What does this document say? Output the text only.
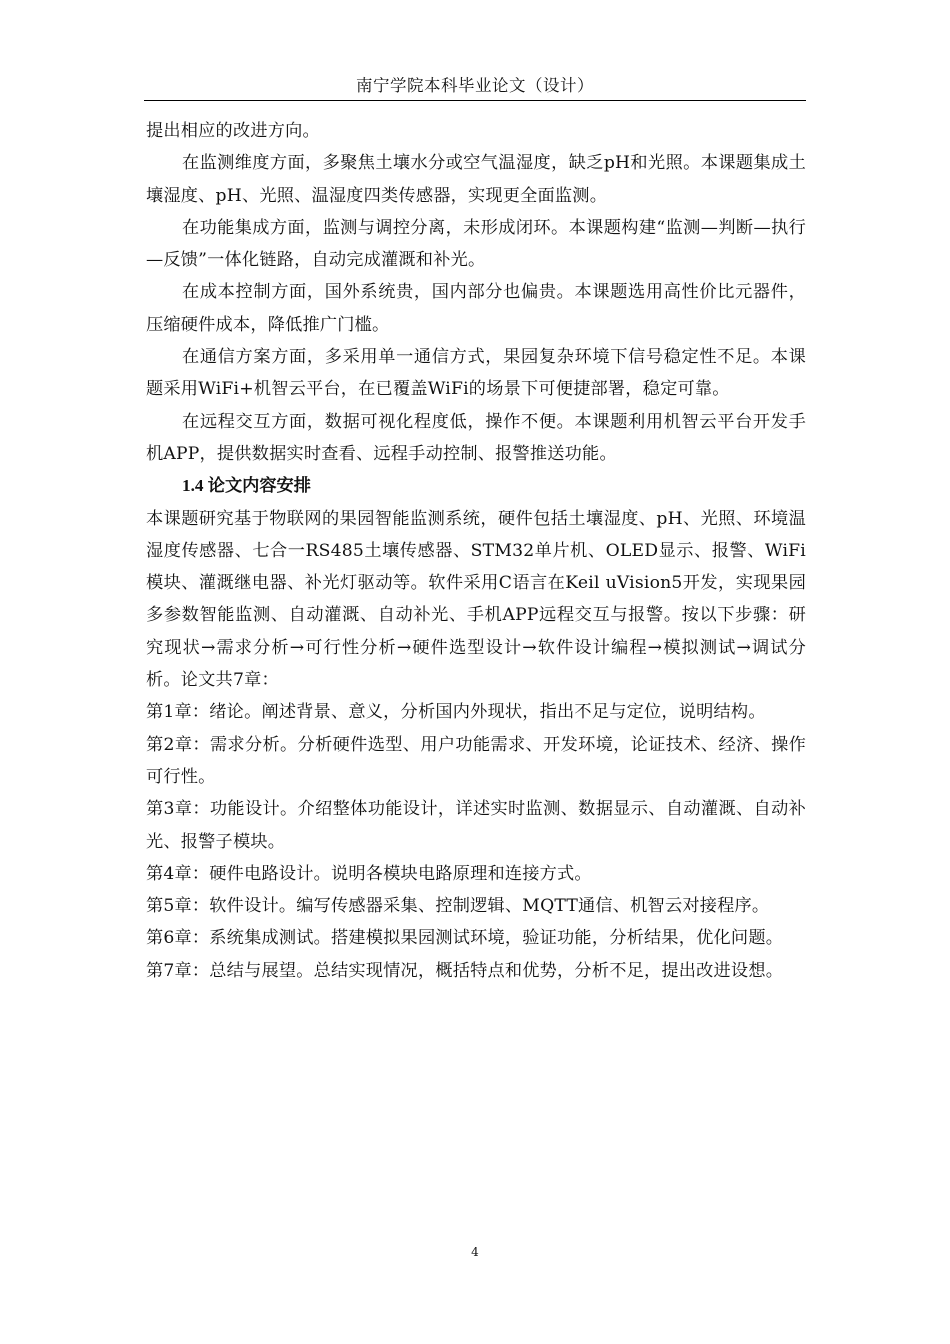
南宁学院本科毕业论文（设计）

提出相应的改进方向。

在监测维度方面，多聚焦土壤水分或空气温湿度，缺乏pH和光照。本课题集成土壤湿度、pH、光照、温湿度四类传感器，实现更全面监测。

在功能集成方面，监测与调控分离，未形成闭环。本课题构建“监测—判断—执行—反馈”一体化链路，自动完成灌溉和补光。

在成本控制方面，国外系统贵，国内部分也偏贵。本课题选用高性价比元器件，压缩硬件成本，降低推广门槛。

在通信方案方面，多采用单一通信方式，果园复杂环境下信号稳定性不足。本课题采用WiFi+机智云平台，在已覆盖WiFi的场景下可便捷部署，稳定可靠。

在远程交互方面，数据可视化程度低，操作不便。本课题利用机智云平台开发手机APP，提供数据实时查看、远程手动控制、报警推送功能。

1.4 论文内容安排

本课题研究基于物联网的果园智能监测系统，硬件包括土壤湿度、pH、光照、环境温湿度传感器、七合一RS485土壤传感器、STM32单片机、OLED显示、报警、WiFi模块、灌溉继电器、补光灯驱动等。软件采用C语言在Keil uVision5开发，实现果园多参数智能监测、自动灌溉、自动补光、手机APP远程交互与报警。按以下步骤：研究现状→需求分析→可行性分析→硬件选型设计→软件设计编程→模拟测试→调试分析。论文共7章：

第1章：绪论。阐述背景、意义，分析国内外现状，指出不足与定位，说明结构。

第2章：需求分析。分析硬件选型、用户功能需求、开发环境，论证技术、经济、操作可行性。

第3章：功能设计。介绍整体功能设计，详述实时监测、数据显示、自动灌溉、自动补光、报警子模块。

第4章：硬件电路设计。说明各模块电路原理和连接方式。

第5章：软件设计。编写传感器采集、控制逻辑、MQTT通信、机智云对接程序。

第6章：系统集成测试。搭建模拟果园测试环境，验证功能，分析结果，优化问题。

第7章：总结与展望。总结实现情况，概括特点和优势，分析不足，提出改进设想。

4
